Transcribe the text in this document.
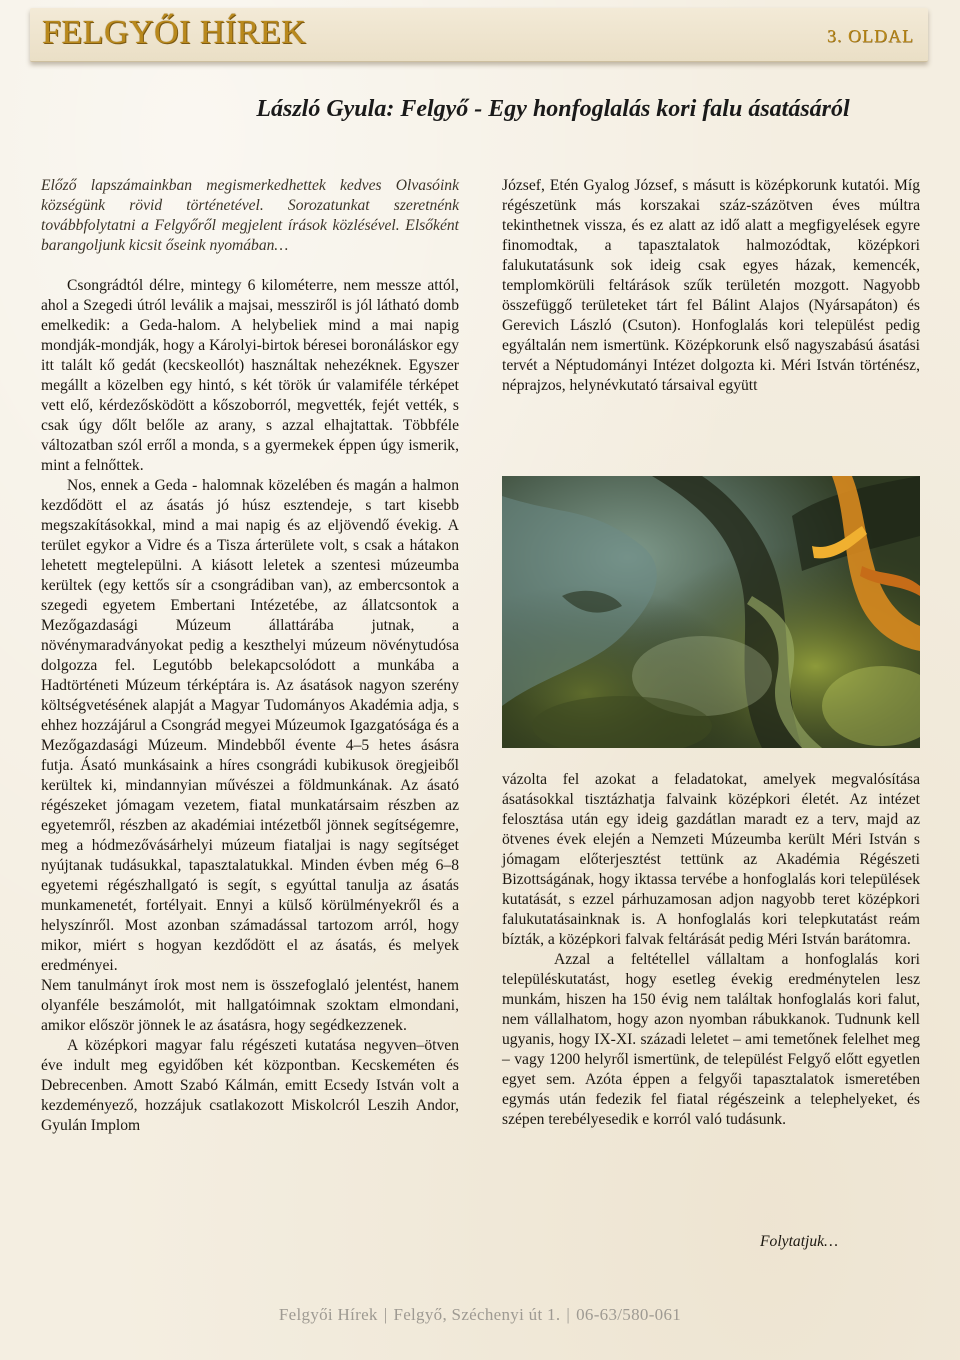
FELGYŐI HÍREK	3. OLDAL
László Gyula: Felgyő - Egy honfoglalás kori falu ásatásáról

Előző lapszámainkban megismerkedhettek kedves Olvasóink községünk rövid történetével. Sorozatunkat szeretnénk továbbfolytatni a Felgyőről megjelent írások közlésével. Elsőként barangoljunk kicsit őseink nyomában…

Csongrádtól délre, mintegy 6 kilométerre, nem messze attól, ahol a Szegedi útról leválik a majsai, messziről is jól látható domb emelkedik: a Geda-halom. A helybeliek mind a mai napig mondják-mondják, hogy a Károlyi-birtok béresei boronáláskor egy itt talált kő gedát (kecskeollót) használtak nehezéknek. Egyszer megállt a közelben egy hintó, s két török úr valamiféle térképet vett elő, kérdezősködött a kőszoborról, megvették, fejét vették, s csak úgy dőlt belőle az arany, s azzal elhajtattak. Többféle változatban szól erről a monda, s a gyermekek éppen úgy ismerik, mint a felnőttek.

Nos, ennek a Geda - halomnak közelében és magán a halmon kezdődött el az ásatás jó húsz esztendeje, s tart kisebb megszakításokkal, mind a mai napig és az eljövendő évekig. A terület egykor a Vidre és a Tisza árterülete volt, s csak a hátakon lehetett megtelepülni. A kiásott leletek a szentesi múzeumba kerültek (egy kettős sír a csongrádiban van), az embercsontok a szegedi egyetem Embertani Intézetébe, az állatcsontok a Mezőgazdasági Múzeum állattárába jutnak, a növénymaradványokat pedig a keszthelyi múzeum növénytudósa dolgozza fel. Legutóbb belekapcsolódott a munkába a Hadtörténeti Múzeum térképtára is. Az ásatások nagyon szerény költségvetésének alapját a Magyar Tudományos Akadémia adja, s ehhez hozzájárul a Csongrád megyei Múzeumok Igazgatósága és a Mezőgazdasági Múzeum. Mindebből évente 4–5 hetes ásásra futja. Ásató munkásaink a híres csongrádi kubikusok öregjeiből kerültek ki, mindannyian művészei a földmunkának. Az ásató régészeket jómagam vezetem, fiatal munkatársaim részben az egyetemről, részben az akadémiai intézetből jönnek segítségemre, meg a hódmezővásárhelyi múzeum fiataljai is nagy segítséget nyújtanak tudásukkal, tapasztalatukkal. Minden évben még 6–8 egyetemi régészhallgató is segít, s egyúttal tanulja az ásatás munkamenetét, fortélyait. Ennyi a külső körülményekről és a helyszínről. Most azonban számadással tartozom arról, hogy mikor, miért s hogyan kezdődött el az ásatás, és melyek eredményei.

Nem tanulmányt írok most nem is összefoglaló jelentést, hanem olyanféle beszámolót, mit hallgatóimnak szoktam elmondani, amikor először jönnek le az ásatásra, hogy segédkezzenek.

A középkori magyar falu régészeti kutatása negyven–ötven éve indult meg egyidőben két központban. Kecskeméten és Debrecenben. Amott Szabó Kálmán, emitt Ecsedy István volt a kezdeményező, hozzájuk csatlakozott Miskolcról Leszih Andor, Gyulán Implom

József, Etén Gyalog József, s másutt is középkorunk kutatói. Míg régészetünk más korszakai száz-százötven éves múltra tekinthetnek vissza, és ez alatt az idő alatt a megfigyelések egyre finomodtak, a tapasztalatok halmozódtak, középkori falukutatásunk sok ideig csak egyes házak, kemencék, templomkörüli feltárások szűk területén mozgott. Nagyobb összefüggő területeket tárt fel Bálint Alajos (Nyársapáton) és Gerevich László (Csuton). Honfoglalás kori települést pedig egyáltalán nem ismertünk. Középkorunk első nagyszabású ásatási tervét a Néptudományi Intézet dolgozta ki. Méri István történész, néprajzos, helynévkutató társaival együtt

vázolta fel azokat a feladatokat, amelyek megvalósítása ásatásokkal tisztázhatja falvaink középkori életét. Az intézet felosztása után egy ideig gazdátlan maradt ez a terv, majd az ötvenes évek elején a Nemzeti Múzeumba került Méri István s jómagam előterjesztést tettünk az Akadémia Régészeti Bizottságának, hogy iktassa tervébe a honfoglalás kori települések kutatását, s ezzel párhuzamosan adjon nagyobb teret középkori falukutatásainknak is. A honfoglalás kori telepkutatást reám bízták, a középkori falvak feltárását pedig Méri István barátomra.

Azzal a feltétellel vállaltam a honfoglalás kori településkutatást, hogy esetleg évekig eredménytelen lesz munkám, hiszen ha 150 évig nem találtak honfoglalás kori falut, nem vállalhatom, hogy azon nyomban rábukkanok. Tudnunk kell ugyanis, hogy IX-XI. századi leletet – ami temetőnek felelhet meg – vagy 1200 helyről ismertünk, de települést Felgyő előtt egyetlen egyet sem. Azóta éppen a felgyői tapasztalatok ismeretében egymás után fedezik fel fiatal régészeink a telephelyeket, és szépen terebélyesedik e korról való tudásunk.

Folytatjuk…
Felgyői Hírek | Felgyő, Széchenyi út 1. | 06-63/580-061
